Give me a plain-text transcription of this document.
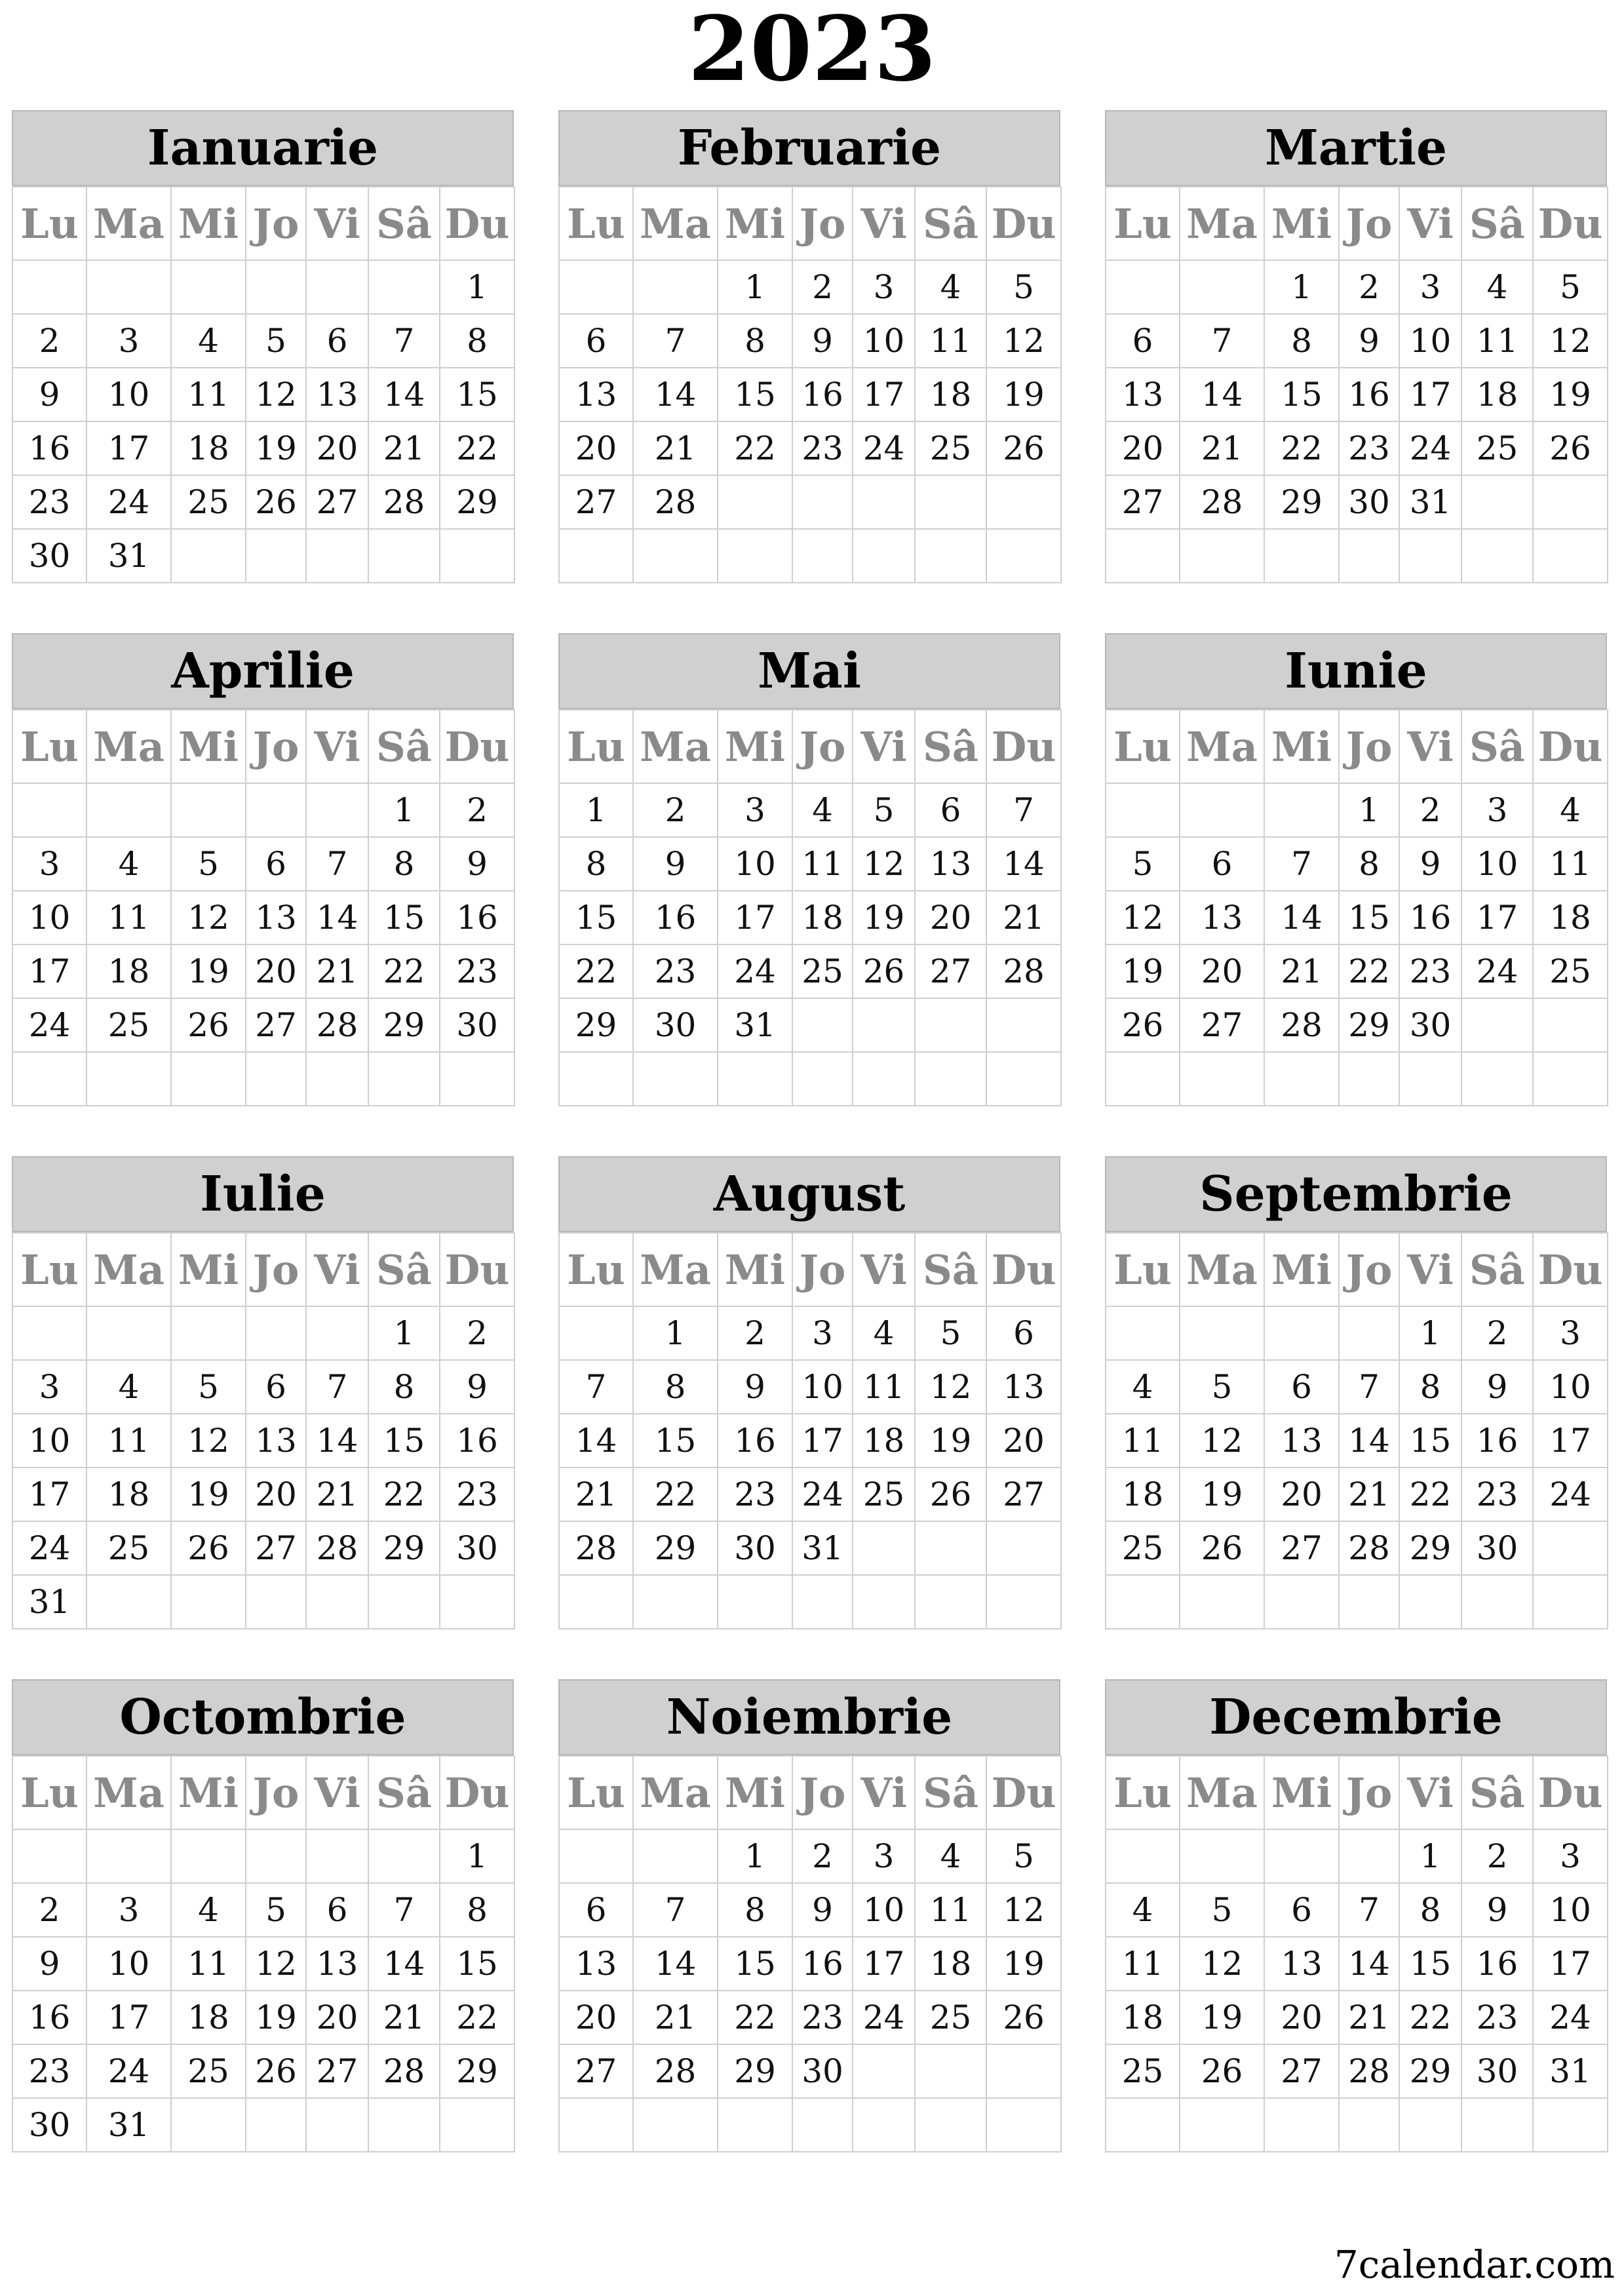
2023
Ianuarie
Lu	Ma	Mi	Jo	Vi	Sâ	Du
						1
2	3	4	5	6	7	8
9	10	11	12	13	14	15
16	17	18	19	20	21	22
23	24	25	26	27	28	29
30	31					
Februarie
Lu	Ma	Mi	Jo	Vi	Sâ	Du
		1	2	3	4	5
6	7	8	9	10	11	12
13	14	15	16	17	18	19
20	21	22	23	24	25	26
27	28					

Martie
Lu	Ma	Mi	Jo	Vi	Sâ	Du
		1	2	3	4	5
6	7	8	9	10	11	12
13	14	15	16	17	18	19
20	21	22	23	24	25	26
27	28	29	30	31		

Aprilie
Lu	Ma	Mi	Jo	Vi	Sâ	Du
					1	2
3	4	5	6	7	8	9
10	11	12	13	14	15	16
17	18	19	20	21	22	23
24	25	26	27	28	29	30

Mai
Lu	Ma	Mi	Jo	Vi	Sâ	Du
1	2	3	4	5	6	7
8	9	10	11	12	13	14
15	16	17	18	19	20	21
22	23	24	25	26	27	28
29	30	31				

Iunie
Lu	Ma	Mi	Jo	Vi	Sâ	Du
			1	2	3	4
5	6	7	8	9	10	11
12	13	14	15	16	17	18
19	20	21	22	23	24	25
26	27	28	29	30		

Iulie
Lu	Ma	Mi	Jo	Vi	Sâ	Du
					1	2
3	4	5	6	7	8	9
10	11	12	13	14	15	16
17	18	19	20	21	22	23
24	25	26	27	28	29	30
31						
August
Lu	Ma	Mi	Jo	Vi	Sâ	Du
	1	2	3	4	5	6
7	8	9	10	11	12	13
14	15	16	17	18	19	20
21	22	23	24	25	26	27
28	29	30	31			

Septembrie
Lu	Ma	Mi	Jo	Vi	Sâ	Du
				1	2	3
4	5	6	7	8	9	10
11	12	13	14	15	16	17
18	19	20	21	22	23	24
25	26	27	28	29	30	

Octombrie
Lu	Ma	Mi	Jo	Vi	Sâ	Du
						1
2	3	4	5	6	7	8
9	10	11	12	13	14	15
16	17	18	19	20	21	22
23	24	25	26	27	28	29
30	31					
Noiembrie
Lu	Ma	Mi	Jo	Vi	Sâ	Du
		1	2	3	4	5
6	7	8	9	10	11	12
13	14	15	16	17	18	19
20	21	22	23	24	25	26
27	28	29	30			

Decembrie
Lu	Ma	Mi	Jo	Vi	Sâ	Du
				1	2	3
4	5	6	7	8	9	10
11	12	13	14	15	16	17
18	19	20	21	22	23	24
25	26	27	28	29	30	31

7calendar.com
